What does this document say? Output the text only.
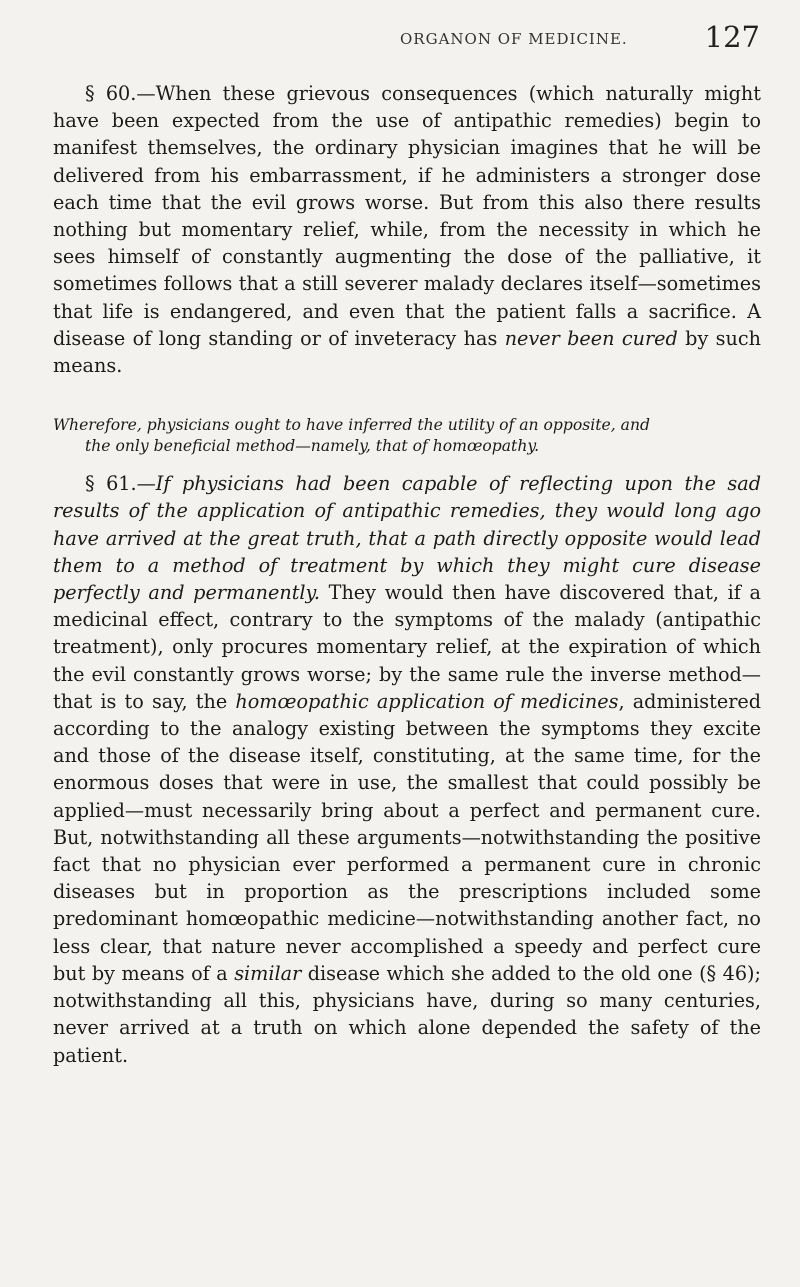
ORGANON OF MEDICINE.	127

§ 60.—When these grievous consequences (which naturally might have been expected from the use of antipathic remedies) begin to manifest themselves, the ordinary physician imagines that he will be delivered from his embarrassment, if he administers a stronger dose each time that the evil grows worse. But from this also there results nothing but momentary relief, while, from the necessity in which he sees himself of constantly augmenting the dose of the palliative, it sometimes follows that a still severer malady declares itself—sometimes that life is endangered, and even that the patient falls a sacrifice. A disease of long standing or of inveteracy has never been cured by such means.

Wherefore, physicians ought to have inferred the utility of an opposite, and
the only beneficial method—namely, that of homœopathy.

§ 61.—If physicians had been capable of reflecting upon the sad results of the application of antipathic remedies, they would long ago have arrived at the great truth, that a path directly opposite would lead them to a method of treatment by which they might cure disease perfectly and permanently. They would then have discovered that, if a medicinal effect, contrary to the symptoms of the malady (antipathic treatment), only procures momentary relief, at the expiration of which the evil constantly grows worse; by the same rule the inverse method—that is to say, the homœopathic application of medicines, administered according to the analogy existing between the symptoms they excite and those of the disease itself, constituting, at the same time, for the enormous doses that were in use, the smallest that could possibly be applied—must necessarily bring about a perfect and permanent cure. But, notwithstanding all these arguments—notwithstanding the positive fact that no physician ever performed a permanent cure in chronic diseases but in proportion as the prescriptions included some predominant homœopathic medicine—notwithstanding another fact, no less clear, that nature never accomplished a speedy and perfect cure but by means of a similar disease which she added to the old one (§ 46); notwithstanding all this, physicians have, during so many centuries, never arrived at a truth on which alone depended the safety of the patient.
